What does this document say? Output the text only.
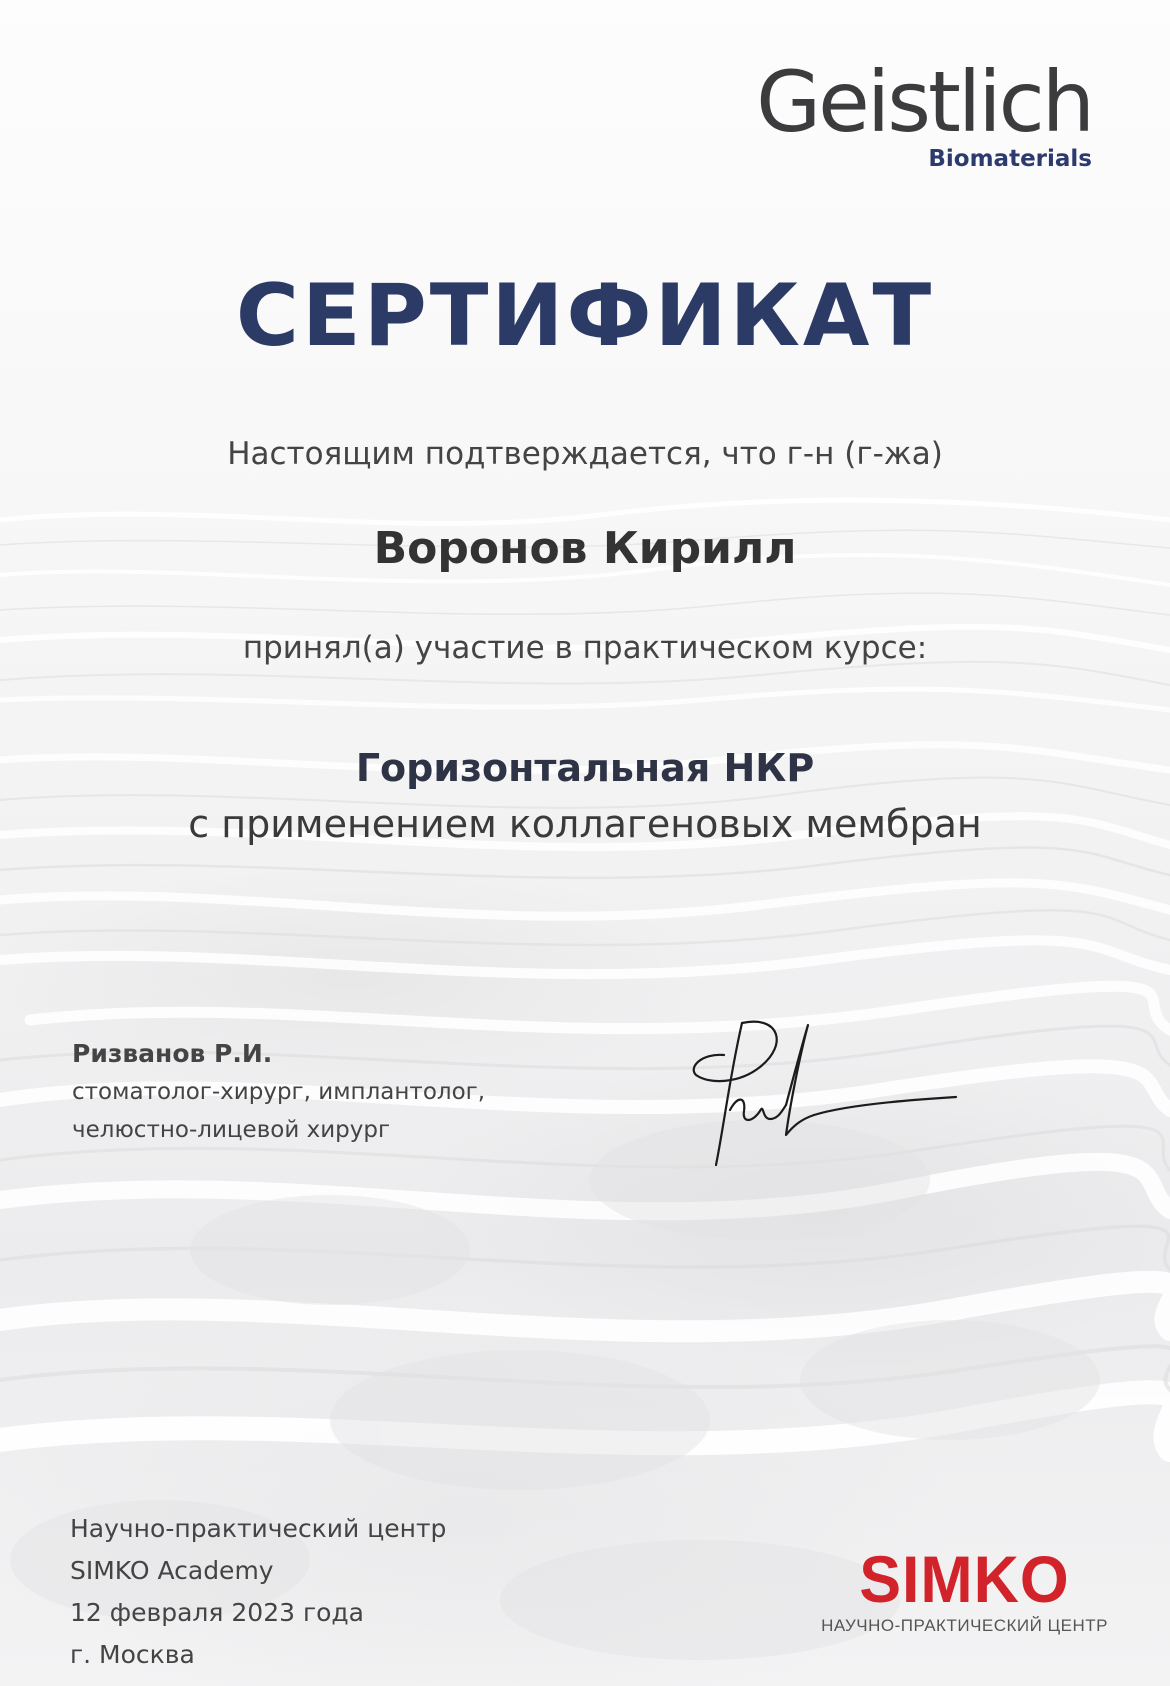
Geistlich
Biomaterials
СЕРТИФИКАТ
Настоящим подтверждается, что г-н (г-жа)
Воронов Кирилл
принял(а) участие в практическом курсе:
Горизонтальная НКР
с применением коллагеновых мембран
Ризванов Р.И.
стоматолог-хирург, имплантолог,
челюстно-лицевой хирург
Научно-практический центр
SIMKO Academy
12 февраля 2023 года
г. Москва
SIMKO
НАУЧНО-ПРАКТИЧЕСКИЙ ЦЕНТР
